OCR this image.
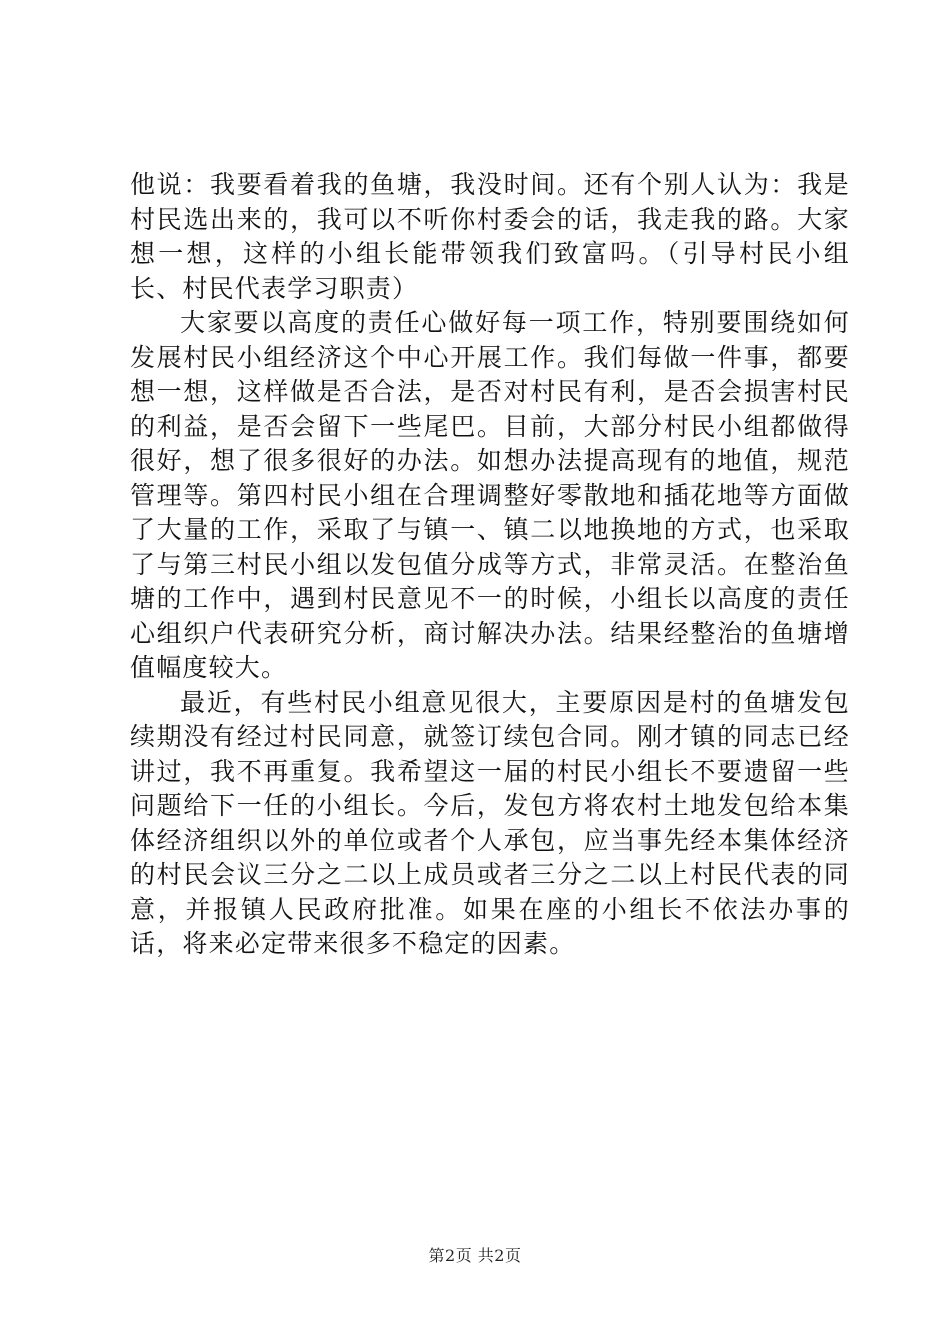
他说：我要看着我的鱼塘，我没时间。还有个别人认为：我是村民选出来的，我可以不听你村委会的话，我走我的路。大家想一想，这样的小组长能带领我们致富吗。（引导村民小组长、村民代表学习职责）

大家要以高度的责任心做好每一项工作，特别要围绕如何发展村民小组经济这个中心开展工作。我们每做一件事，都要想一想，这样做是否合法，是否对村民有利，是否会损害村民的利益，是否会留下一些尾巴。目前，大部分村民小组都做得很好，想了很多很好的办法。如想办法提高现有的地值，规范管理等。第四村民小组在合理调整好零散地和插花地等方面做了大量的工作，采取了与镇一、镇二以地换地的方式，也采取了与第三村民小组以发包值分成等方式，非常灵活。在整治鱼塘的工作中，遇到村民意见不一的时候，小组长以高度的责任心组织户代表研究分析，商讨解决办法。结果经整治的鱼塘增值幅度较大。

最近，有些村民小组意见很大，主要原因是村的鱼塘发包续期没有经过村民同意，就签订续包合同。刚才镇的同志已经讲过，我不再重复。我希望这一届的村民小组长不要遗留一些问题给下一任的小组长。今后，发包方将农村土地发包给本集体经济组织以外的单位或者个人承包，应当事先经本集体经济的村民会议三分之二以上成员或者三分之二以上村民代表的同意，并报镇人民政府批准。如果在座的小组长不依法办事的话，将来必定带来很多不稳定的因素。

第2页 共2页
